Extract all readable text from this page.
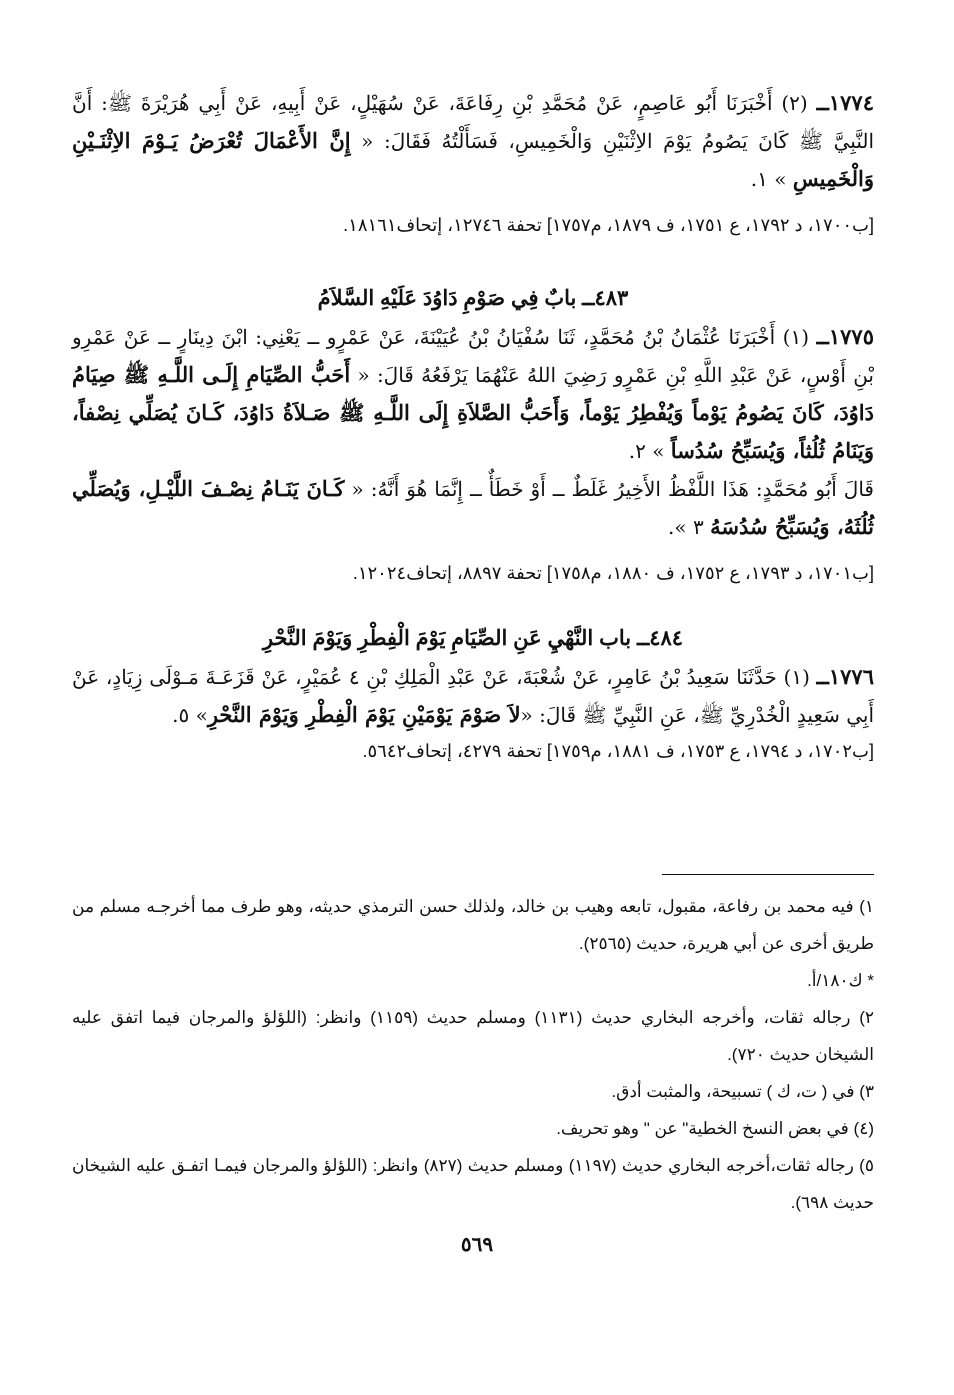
١٧٧٤ــ (٢) أَخْبَرَنَا أَبُو عَاصِمٍ، عَنْ مُحَمَّدِ بْنِ رِفَاعَةَ، عَنْ سُهَيْلٍ، عَنْ أَبِيهِ، عَنْ أَبِي هُرَيْرَةَ ﷺ: أَنَّ النَّبِيَّ ﷺ كَانَ يَصُومُ يَوْمَ الاِثْنَيْنِ وَالْخَمِيسِ، فَسَأَلْتُهُ فَقَالَ: « إِنَّ الأَعْمَالَ تُعْرَضُ يَـوْمَ الاِثْنَـيْنِ وَالْخَمِيسِ » ١.

[ب١٧٠٠، د ١٧٩٢، ع ١٧٥١، ف ١٨٧٩، م١٧٥٧] تحفة ١٢٧٤٦، إتحاف١٨١٦١.

٤٨٣ــ بابٌ فِي صَوْمِ دَاوُدَ عَلَيْهِ السَّلاَمُ

١٧٧٥ــ (١) أَخْبَرَنَا عُثْمَانُ بْنُ مُحَمَّدٍ، ثَنَا سُفْيَانُ بْنُ عُيَيْنَةَ، عَنْ عَمْرٍو ــ يَعْنِي: ابْنَ دِينَارٍ ــ عَنْ عَمْرِو بْنِ أَوْسٍ، عَنْ عَبْدِ اللَّهِ بْنِ عَمْرٍو رَضِيَ اللهُ عَنْهُمَا يَرْفَعُهُ قَالَ: « أَحَبُّ الصِّيَامِ إِلَـى اللَّـهِ ﷺ صِيَامُ دَاوُدَ، كَانَ يَصُومُ يَوْماً وَيُفْطِرُ يَوْماً، وَأَحَبُّ الصَّلاَةِ إِلَى اللَّـهِ ﷺ صَـلاَةُ دَاوُدَ، كَـانَ يُصَلِّي نِصْفاً، وَيَنَامُ ثُلُثاً، وَيُسَبِّحُ سُدُساً » ٢.

قَالَ أَبُو مُحَمَّدٍ: هَذَا اللَّفْظُ الأَخِيرُ غَلَطٌ ــ أَوْ خَطَأٌ ــ إِنَّمَا هُوَ أَنَّهُ: « كَـانَ يَنَـامُ نِصْـفَ اللَّيْـلِ، وَيُصَلِّي ثُلُثَهُ، وَيُسَبِّحُ سُدُسَهُ ٣ ».

[ب١٧٠١، د ١٧٩٣، ع ١٧٥٢، ف ١٨٨٠، م١٧٥٨] تحفة ٨٨٩٧، إتحاف١٢٠٢٤.

٤٨٤ــ باب النَّهْيِ عَنِ الصِّيَامِ يَوْمَ الْفِطْرِ وَيَوْمَ النَّحْرِ

١٧٧٦ــ (١) حَدَّثَنَا سَعِيدُ بْنُ عَامِرٍ، عَنْ شُعْبَةَ، عَنْ عَبْدِ الْمَلِكِ بْنِ ٤ عُمَيْرٍ، عَنْ قَزَعَـةَ مَـوْلَى زِيَادٍ، عَنْ أَبِي سَعِيدٍ الْخُدْرِيِّ ﷺ، عَنِ النَّبِيِّ ﷺ قَالَ: «لاَ صَوْمَ يَوْمَيْنِ يَوْمَ الْفِطْرِ وَيَوْمَ النَّحْرِ» ٥.

[ب١٧٠٢، د ١٧٩٤، ع ١٧٥٣، ف ١٨٨١، م١٧٥٩] تحفة ٤٢٧٩، إتحاف٥٦٤٢.

١) فيه محمد بن رفاعة، مقبول، تابعه وهيب بن خالد، ولذلك حسن الترمذي حديثه، وهو طرف مما أخرجـه مسلم من طريق أخرى عن أبي هريرة، حديث (٢٥٦٥).

* ك١٨٠/أ.

٢) رجاله ثقات، وأخرجه البخاري حديث (١١٣١) ومسلم حديث (١١٥٩) وانظر: (اللؤلؤ والمرجان فيما اتفق عليه الشيخان حديث ٧٢٠).

٣) في ( ت، ك ) تسبيحة، والمثبت أدق.

(٤) في بعض النسخ الخطية" عن " وهو تحريف.

٥) رجاله ثقات،أخرجه البخاري حديث (١١٩٧) ومسلم حديث (٨٢٧) وانظر: (اللؤلؤ والمرجان فيمـا اتفـق عليه الشيخان حديث ٦٩٨).

٥٦٩
